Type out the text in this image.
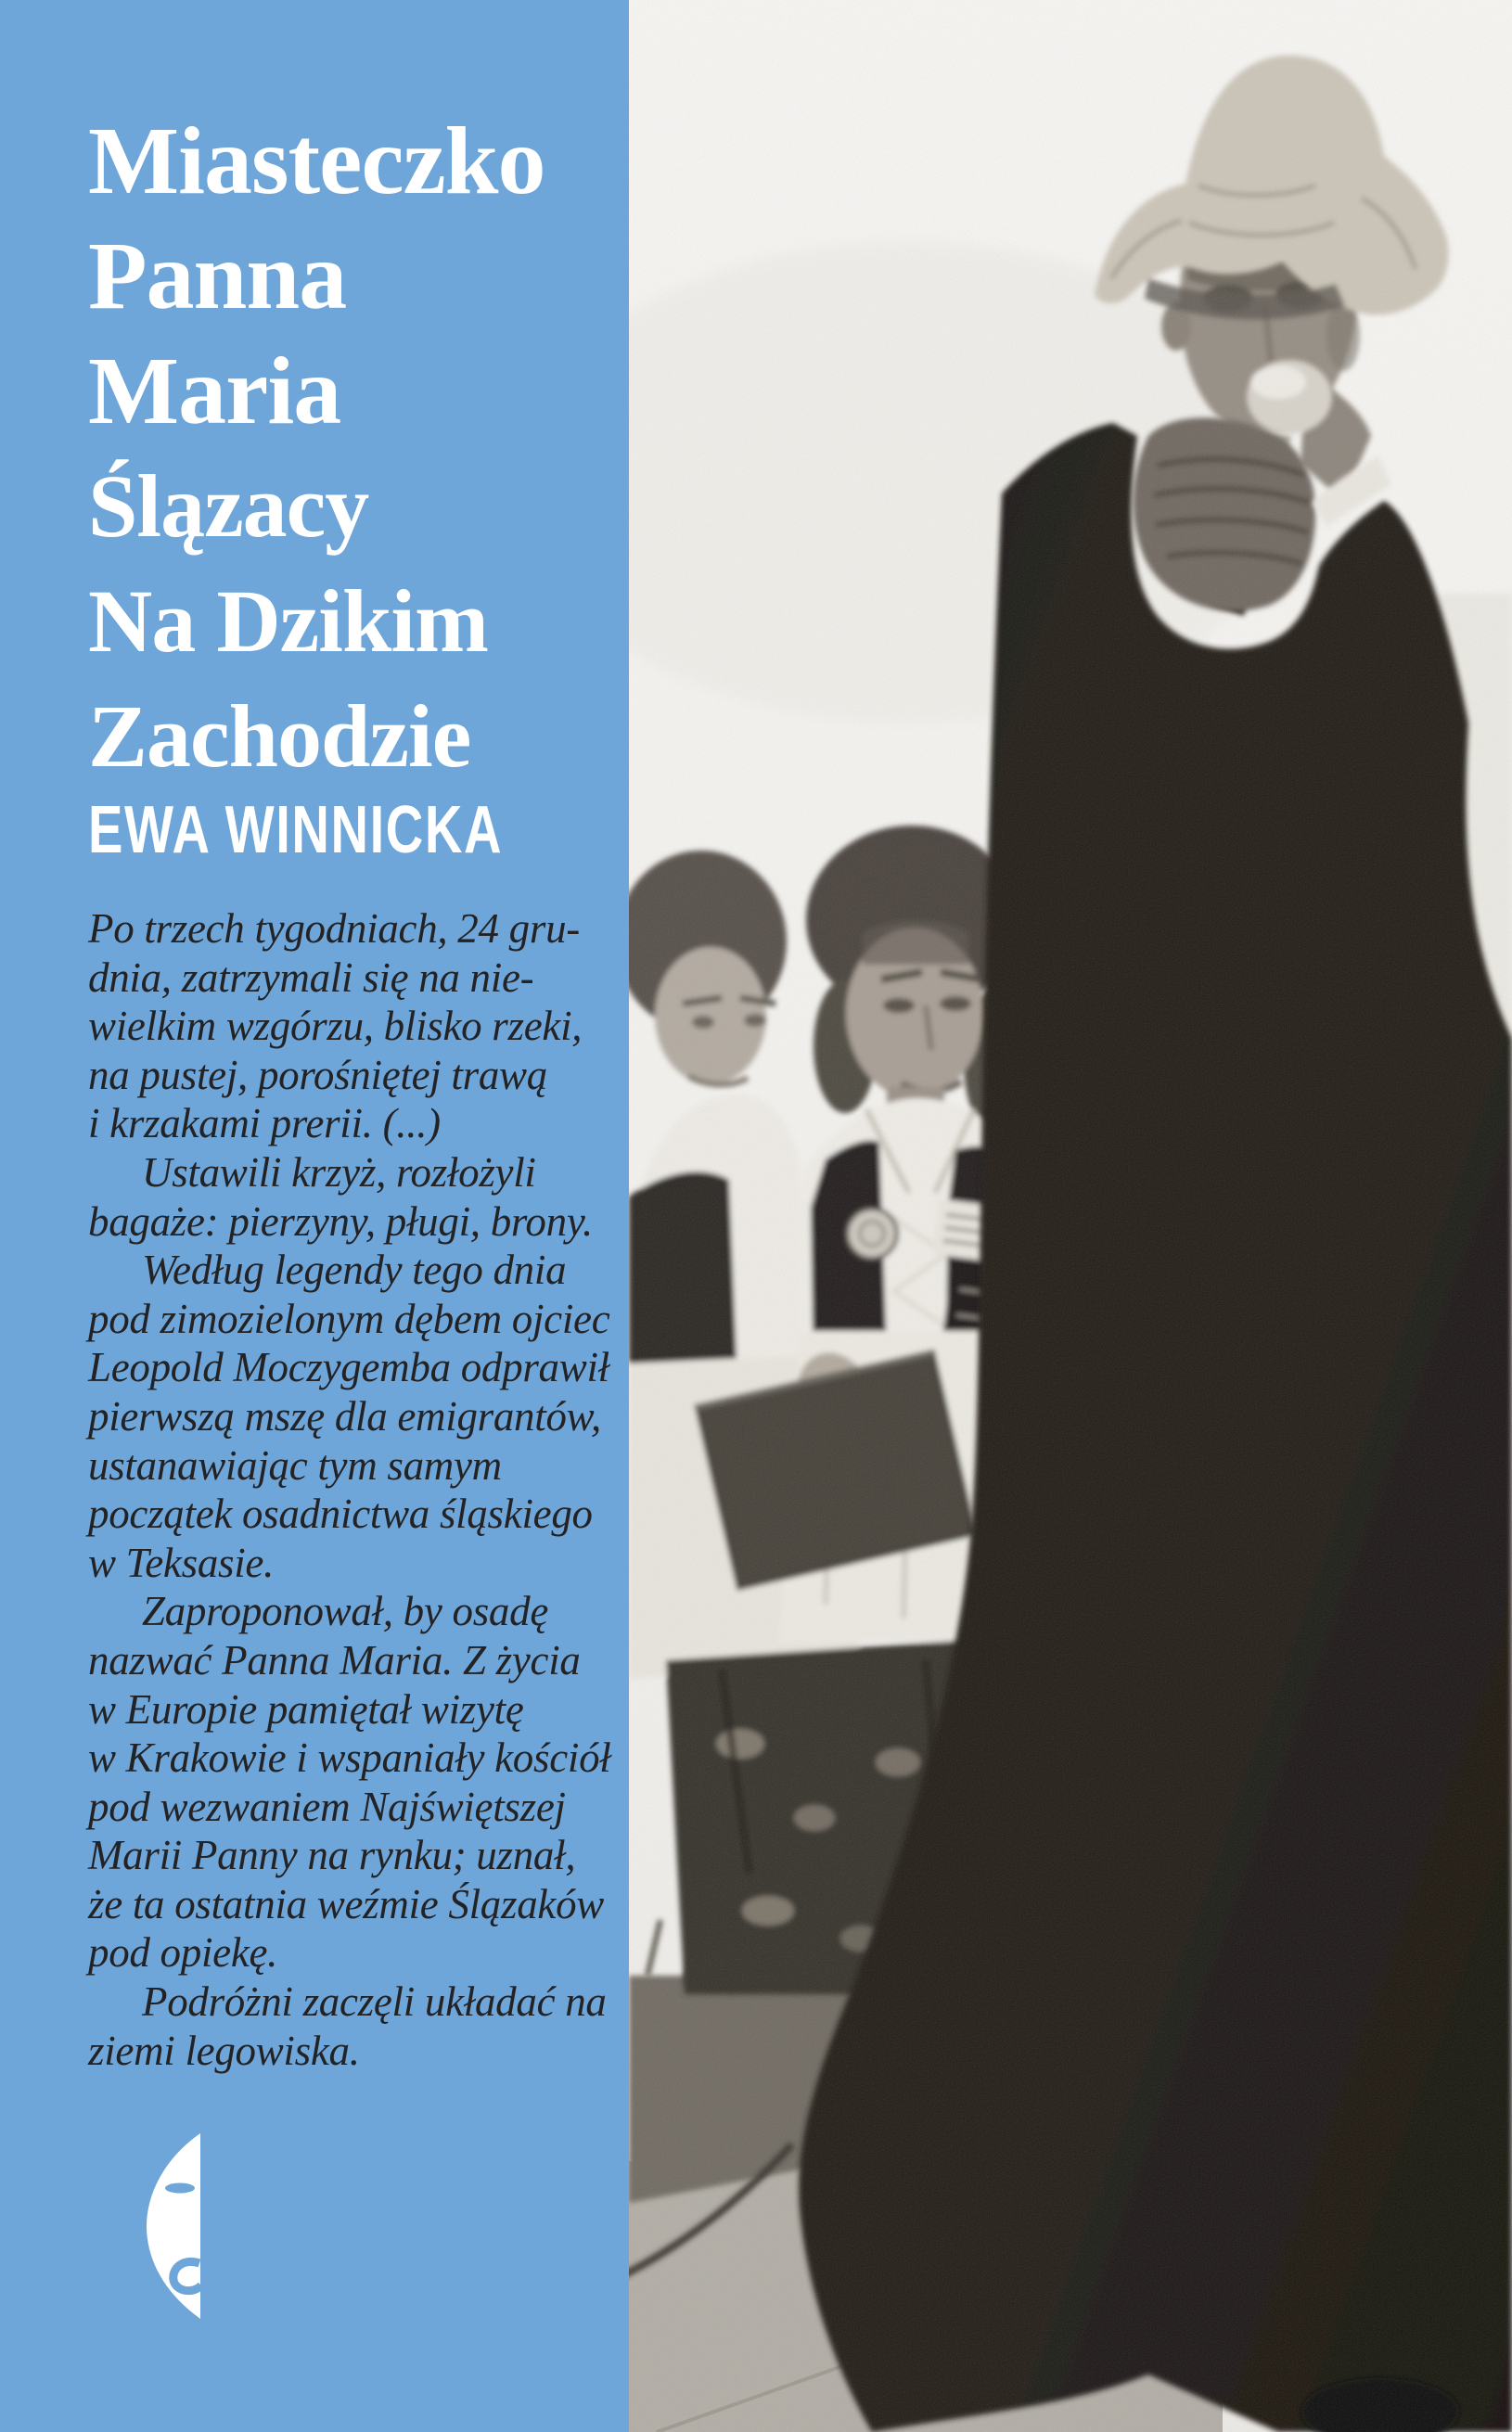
Miasteczko
Panna
Maria
Ślązacy
Na Dzikim
Zachodzie
EWA WINNICKA
Po trzech tygodniach, 24 gru-
dnia, zatrzymali się na nie-
wielkim wzgórzu, blisko rzeki,
na pustej, porośniętej trawą
i krzakami prerii. (...)
Ustawili krzyż, rozłożyli
bagaże: pierzyny, pługi, brony.
Według legendy tego dnia
pod zimozielonym dębem ojciec
Leopold Moczygemba odprawił
pierwszą mszę dla emigrantów,
ustanawiając tym samym
początek osadnictwa śląskiego
w Teksasie.
Zaproponował, by osadę
nazwać Panna Maria. Z życia
w Europie pamiętał wizytę
w Krakowie i wspaniały kościół
pod wezwaniem Najświętszej
Marii Panny na rynku; uznał,
że ta ostatnia weźmie Ślązaków
pod opiekę.
Podróżni zaczęli układać na
ziemi legowiska.
